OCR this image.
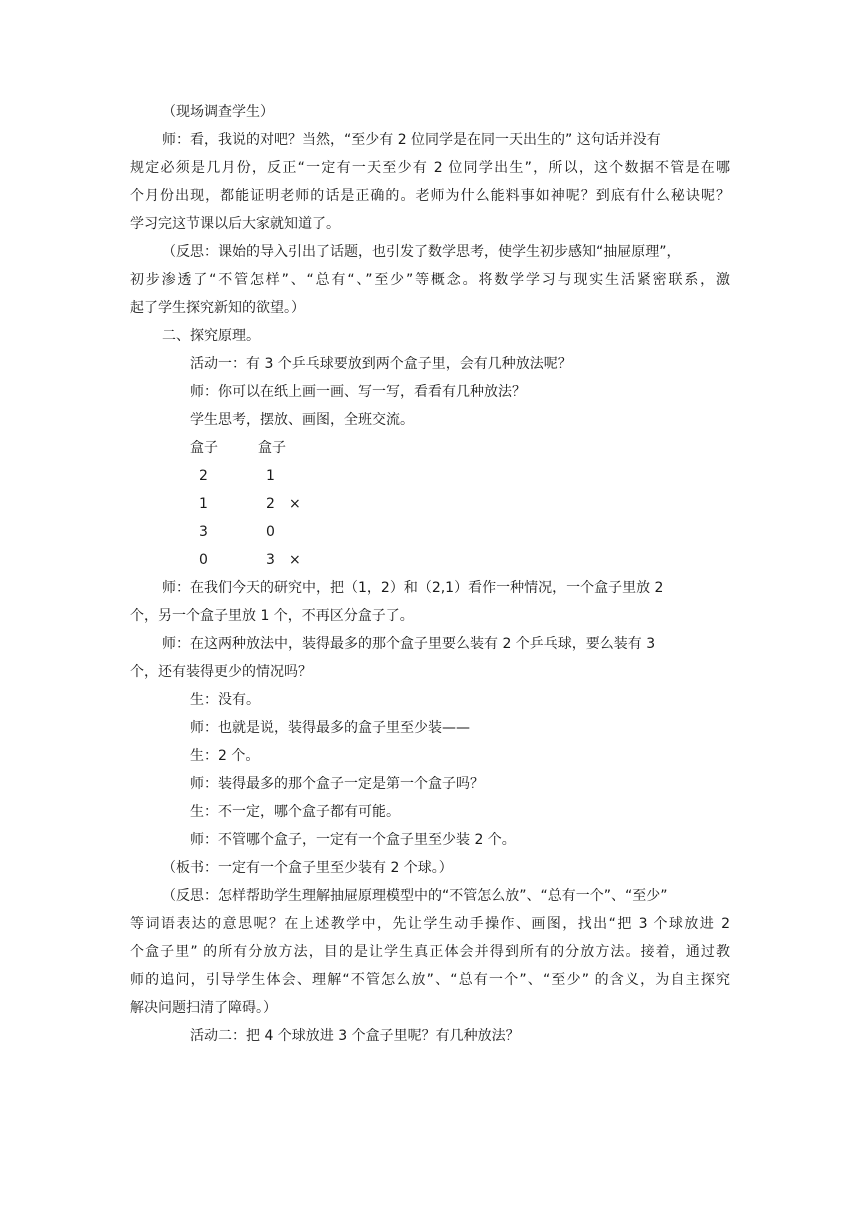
（现场调查学生）
师：看，我说的对吧？当然，“至少有 2 位同学是在同一天出生的” 这句话并没有
规定必须是几月份，反正“一定有一天至少有 2 位同学出生”，所以，这个数据不管是在哪
个月份出现，都能证明老师的话是正确的。老师为什么能料事如神呢？到底有什么秘诀呢？
学习完这节课以后大家就知道了。
（反思：课始的导入引出了话题，也引发了数学思考，使学生初步感知“抽屉原理”，
初步渗透了“不管怎样”、“总有“、”至少”等概念。将数学学习与现实生活紧密联系，激
起了学生探究新知的欲望。）
二、探究原理。
活动一：有 3 个乒乓球要放到两个盒子里，会有几种放法呢？
师：你可以在纸上画一画、写一写，看看有几种放法？
学生思考，摆放、画图，全班交流。
盒子	盒子
2	1
1	2 ×
3	0
0	3 ×
师：在我们今天的研究中，把（1，2）和（2,1）看作一种情况，一个盒子里放 2
个，另一个盒子里放 1 个，不再区分盒子了。
师：在这两种放法中，装得最多的那个盒子里要么装有 2 个乒乓球，要么装有 3
个，还有装得更少的情况吗？
生：没有。
师：也就是说，装得最多的盒子里至少装——
生：2 个。
师：装得最多的那个盒子一定是第一个盒子吗？
生：不一定，哪个盒子都有可能。
师：不管哪个盒子，一定有一个盒子里至少装 2 个。
（板书：一定有一个盒子里至少装有 2 个球。）
（反思：怎样帮助学生理解抽屉原理模型中的“不管怎么放”、“总有一个”、“至少”
等词语表达的意思呢？在上述教学中，先让学生动手操作、画图，找出“把 3 个球放进 2
个盒子里” 的所有分放方法，目的是让学生真正体会并得到所有的分放方法。接着，通过教
师的追问，引导学生体会、理解“不管怎么放”、“总有一个”、“至少” 的含义，为自主探究
解决问题扫清了障碍。）
活动二：把 4 个球放进 3 个盒子里呢？有几种放法？
